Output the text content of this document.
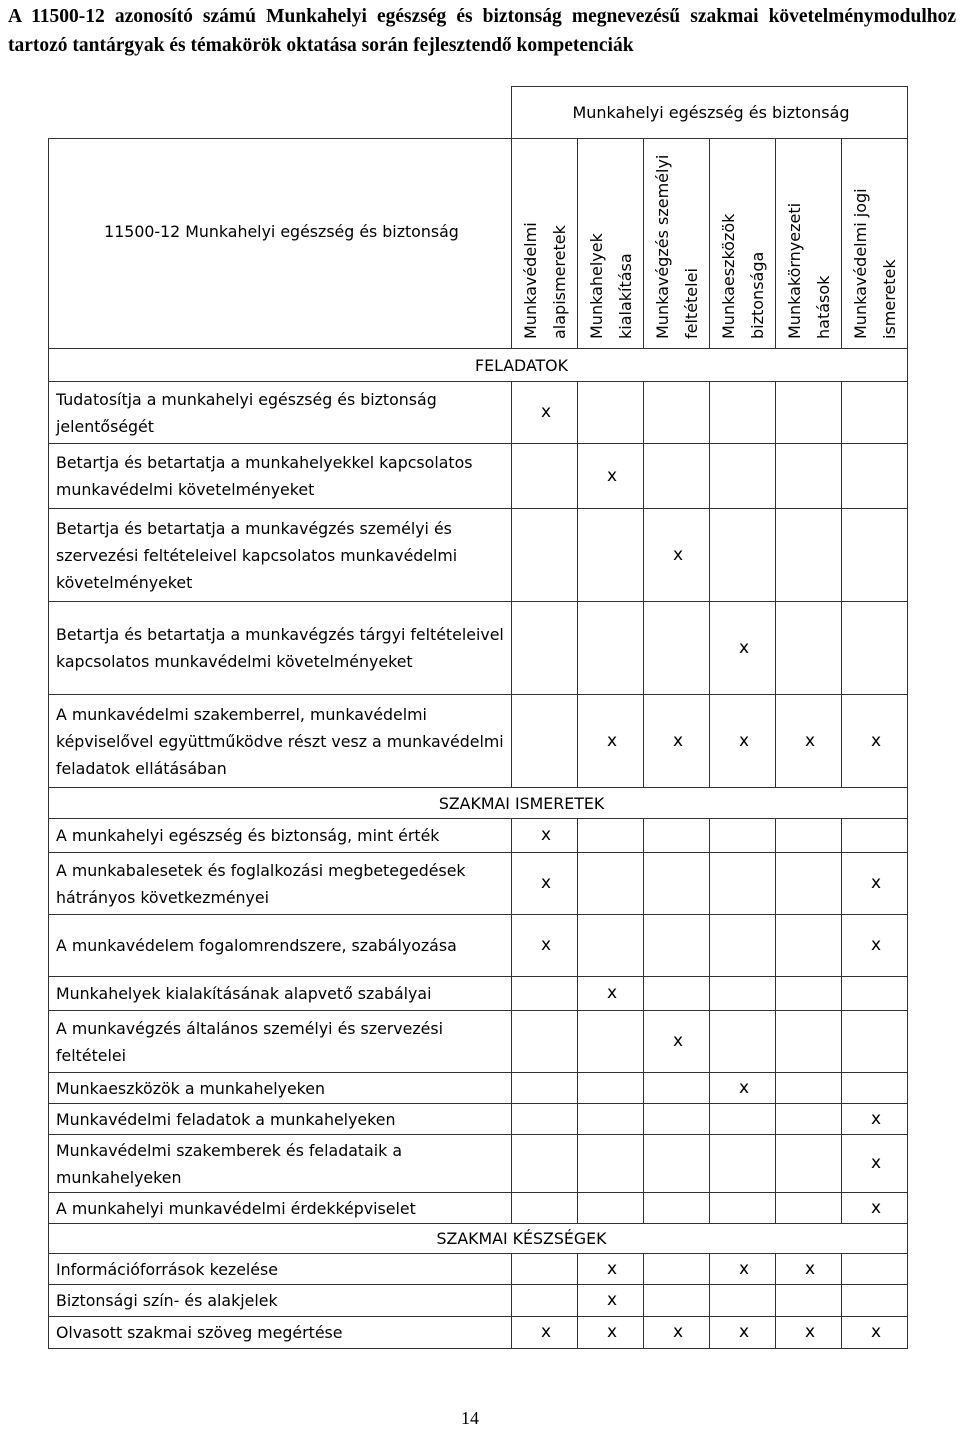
A 11500-12 azonosító számú Munkahelyi egészség és biztonság megnevezésű szakmai követelménymodulhoz tartozó tantárgyak és témakörök oktatása során fejlesztendő kompetenciák
	Munkahelyi egészség és biztonság					
11500-12 Munkahelyi egészség és biztonság	Munkavédelmi alapismeretek	Munkahelyek kialakítása	Munkavégzés személyi feltételei	Munkaeszközök biztonsága	Munkakörnyezeti hatások	Munkavédelmi jogi ismeretek

FELADATOK						
Tudatosítja a munkahelyi egészség és biztonság jelentőségét	x					
Betartja és betartatja a munkahelyekkel kapcsolatos munkavédelmi követelményeket		x				
Betartja és betartatja a munkavégzés személyi és szervezési feltételeivel kapcsolatos munkavédelmi követelményeket			x			
Betartja és betartatja a munkavégzés tárgyi feltételeivel kapcsolatos munkavédelmi követelményeket				x		
A munkavédelmi szakemberrel, munkavédelmi képviselővel együttműködve részt vesz a munkavédelmi feladatok ellátásában		x	x	x	x	x
SZAKMAI ISMERETEK						
A munkahelyi egészség és biztonság, mint érték	x					
A munkabalesetek és foglalkozási megbetegedések hátrányos következményei	x					x
A munkavédelem fogalomrendszere, szabályozása	x					x
Munkahelyek kialakításának alapvető szabályai		x				
A munkavégzés általános személyi és szervezési feltételei			x			
Munkaeszközök a munkahelyeken				x		
Munkavédelmi feladatok a munkahelyeken						x
Munkavédelmi szakemberek és feladataik a munkahelyeken						x
A munkahelyi munkavédelmi érdekképviselet						x
SZAKMAI KÉSZSÉGEK						
Információforrások kezelése		x		x	x	
Biztonsági szín- és alakjelek		x				
Olvasott szakmai szöveg megértése	x	x	x	x	x	x
14
